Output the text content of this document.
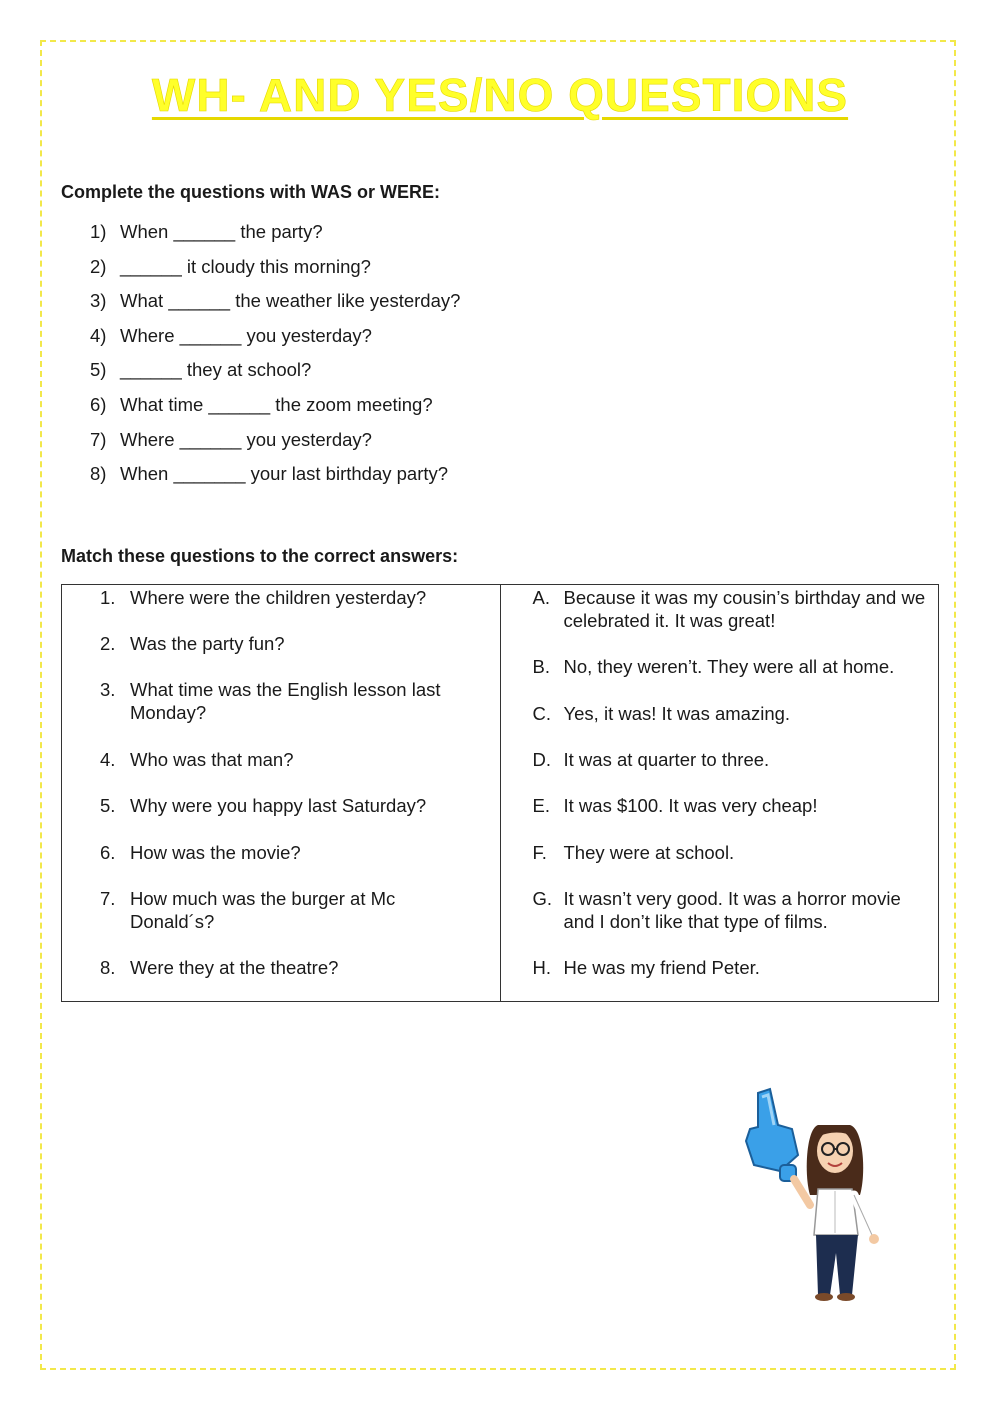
WH- AND YES/NO QUESTIONS
Complete the questions with WAS or WERE:
1) When ______ the party?
2) ______ it cloudy this morning?
3) What ______ the weather like yesterday?
4) Where ______ you yesterday?
5) ______ they at school?
6) What time ______ the zoom meeting?
7) Where ______ you yesterday?
8) When _______ your last birthday party?
Match these questions to the correct answers:
1. Where were the children yesterday?
2. Was the party fun?
3. What time was the English lesson last Monday?
4. Who was that man?
5. Why were you happy last Saturday?
6. How was the movie?
7. How much was the burger at Mc Donald´s?
8. Were they at the theatre?

A. Because it was my cousin’s birthday and we celebrated it. It was great!
B. No, they weren’t. They were all at home.
C. Yes, it was! It was amazing.
D. It was at quarter to three.
E. It was $100. It was very cheap!
F. They were at school.
G. It wasn’t very good. It was a horror movie and I don’t like that type of films.
H. He was my friend Peter.
